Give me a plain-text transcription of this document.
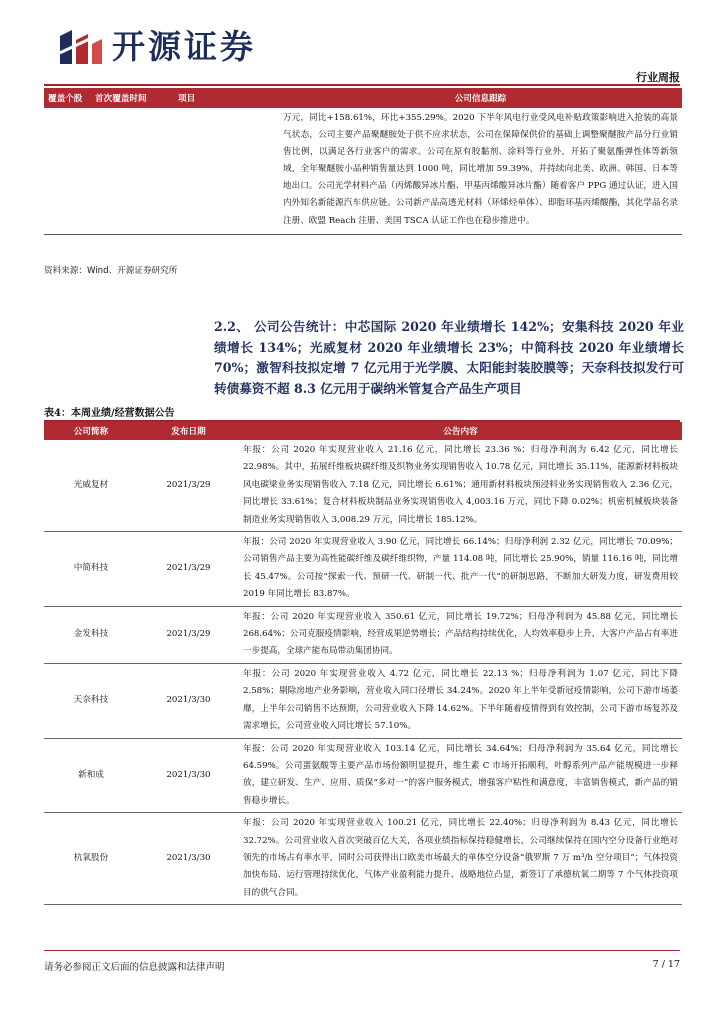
开源证券
行业周报
覆盖个股	首次覆盖时间	项目	公司信息跟踪
			万元，同比+158.61%，环比+355.29%。2020 下半年风电行业受风电补贴政策影响进入抢装的高景气状态，公司主要产品聚醚胺处于供不应求状态，公司在保障保供价的基础上调整聚醚胺产品分行业销售比例，以满足各行业客户的需求。公司在原有胶黏剂、涂料等行业外，开拓了聚氨酯弹性体等新领域，全年聚醚胺小品种销售量达到 1000 吨，同比增加 59.39%，并持续向北美、欧洲、韩国、日本等地出口。公司光学材料产品（丙烯酸异冰片酯、甲基丙烯酸异冰片酯）随着客户 PPG 通过认证，进入国内外知名新能源汽车供应链。公司新产品高透光材料（环烯烃单体）、即脂环基丙烯酸酯，其化学品名录注册、欧盟 Reach 注册、美国 TSCA 认证工作也在稳步推进中。
资料来源：Wind、开源证券研究所
2.2、 公司公告统计：中芯国际 2020 年业绩增长 142%；安集科技 2020 年业绩增长 134%；光威复材 2020 年业绩增长 23%；中简科技 2020 年业绩增长 70%；激智科技拟定增 7 亿元用于光学膜、太阳能封装胶膜等；天奈科技拟发行可转债募资不超 8.3 亿元用于碳纳米管复合产品生产项目
表4：本周业绩/经营数据公告
公司简称	发布日期	公告内容
光威复材	2021/3/29	年报：公司 2020 年实现营业收入 21.16 亿元，同比增长 23.36 %；归母净利润为 6.42 亿元，同比增长 22.98%。其中，拓展纤维板块碳纤维及织物业务实现销售收入 10.78 亿元，同比增长 35.11%，能源新材料板块风电碳梁业务实现销售收入 7.18 亿元，同比增长 6.61%；通用新材料板块预浸料业务实现销售收入 2.36 亿元，同比增长 33.61%；复合材料板块制品业务实现销售收入 4,003.16 万元，同比下降 0.02%；机密机械板块装备制造业务实现销售收入 3,008.29 万元，同比增长 185.12%。
中简科技	2021/3/29	年报：公司 2020 年实现营业收入 3.90 亿元，同比增长 66.14%；归母净利润 2.32 亿元，同比增长 70.09%；公司销售产品主要为高性能碳纤维及碳纤维织物，产量 114.08 吨，同比增长 25.90%，销量 116.16 吨，同比增长 45.47%。公司按“探索一代、预研一代、研制一代、批产一代”的研制思路，不断加大研发力度，研发费用较 2019 年同比增长 83.87%。
金发科技	2021/3/29	年报：公司 2020 年实现营业收入 350.61 亿元，同比增长 19.72%；归母净利润为 45.88 亿元，同比增长 268.64%；公司克服疫情影响，经营成果逆势增长；产品结构持续优化，人均效率稳步上升，大客户产品占有率进一步提高，全球产能布局带动集团协同。
天奈科技	2021/3/30	年报：公司 2020 年实现营业收入 4.72 亿元，同比增长 22.13 %；归母净利润为 1.07 亿元，同比下降 2.58%；剔除房地产业务影响，营业收入同口径增长 34.24%。2020 年上半年受新冠疫情影响，公司下游市场萎靡，上半年公司销售不达预期，公司营业收入下降 14.62%。下半年随着疫情得到有效控制，公司下游市场复苏及需求增长，公司营业收入同比增长 57.10%。
新和成	2021/3/30	年报：公司 2020 年实现营业收入 103.14 亿元，同比增长 34.64%；归母净利润为 35.64 亿元，同比增长 64.59%。公司蛋氨酸等主要产品市场份额明显提升，维生素 C 市场开拓顺利，叶醇系列产品产能规模进一步释放，建立研发、生产、应用、质保“多对一”的客户服务模式，增强客户粘性和满意度，丰富销售模式，新产品的销售稳步增长。
杭氧股份	2021/3/30	年报：公司 2020 年实现营业收入 100.21 亿元，同比增长 22.40%；归母净利润为 8.43 亿元，同比增长 32.72%。公司营业收入首次突破百亿大关，各项业绩指标保持稳健增长，公司继续保持在国内空分设备行业绝对领先的市场占有率水平，同时公司获得出口欧美市场最大的单体空分设备“俄罗斯 7 万 m³/h 空分项目”；气体投资加快布局、运行管理持续优化，气体产业盈利能力提升、战略地位凸显，新签订了承德杭氧二期等 7 个气体投资项目的供气合同。
请务必参阅正文后面的信息披露和法律声明	7 / 17
